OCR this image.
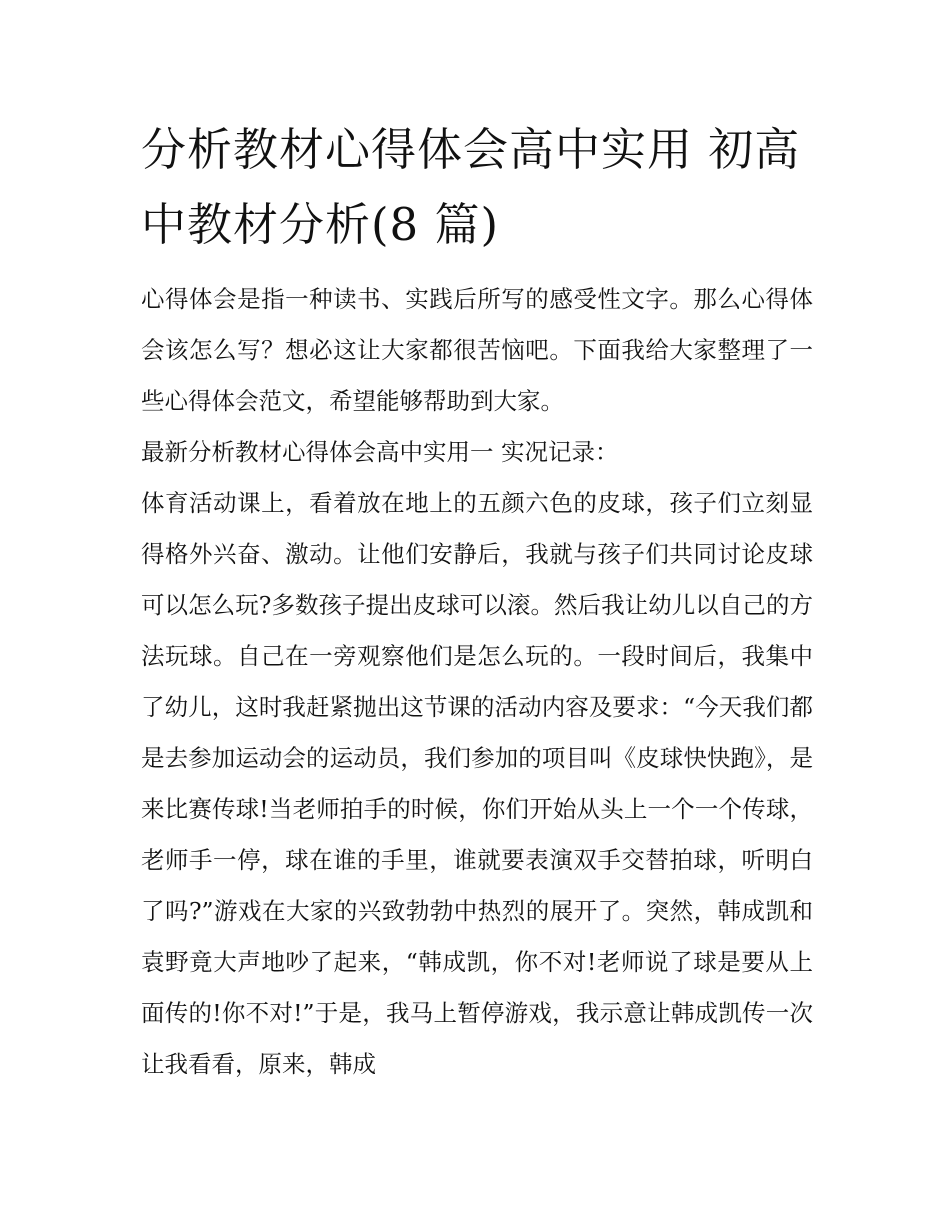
分析教材心得体会高中实用 初高中教材分析(8 篇)

心得体会是指一种读书、实践后所写的感受性文字。那么心得体会该怎么写？想必这让大家都很苦恼吧。下面我给大家整理了一些心得体会范文，希望能够帮助到大家。

最新分析教材心得体会高中实用一 实况记录：

体育活动课上，看着放在地上的五颜六色的皮球，孩子们立刻显得格外兴奋、激动。让他们安静后，我就与孩子们共同讨论皮球可以怎么玩?多数孩子提出皮球可以滚。然后我让幼儿以自己的方法玩球。自己在一旁观察他们是怎么玩的。一段时间后，我集中了幼儿，这时我赶紧抛出这节课的活动内容及要求：“今天我们都是去参加运动会的运动员，我们参加的项目叫《皮球快快跑》，是来比赛传球!当老师拍手的时候，你们开始从头上一个一个传球，老师手一停，球在谁的手里，谁就要表演双手交替拍球，听明白了吗?”游戏在大家的兴致勃勃中热烈的展开了。突然，韩成凯和袁野竟大声地吵了起来，“韩成凯，你不对!老师说了球是要从上面传的!你不对!”于是，我马上暂停游戏，我示意让韩成凯传一次让我看看，原来，韩成
